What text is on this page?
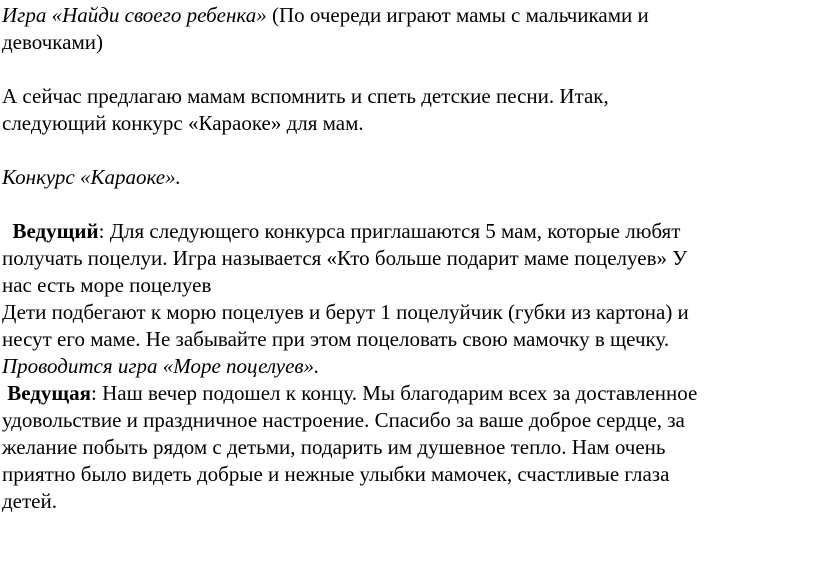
Игра «Найди своего ребенка» (По очереди играют мамы с мальчиками и
девочками)
А сейчас предлагаю мамам вспомнить и спеть детские песни. Итак,
следующий конкурс «Караоке» для мам.
Конкурс «Караоке».
Ведущий: Для следующего конкурса приглашаются 5 мам, которые любят
получать поцелуи. Игра называется «Кто больше подарит маме поцелуев» У
нас есть море поцелуев
Дети подбегают к морю поцелуев и берут 1 поцелуйчик (губки из картона) и
несут его маме. Не забывайте при этом поцеловать свою мамочку в щечку.
Проводится игра «Море поцелуев».
Ведущая: Наш вечер подошел к концу. Мы благодарим всех за доставленное
удовольствие и праздничное настроение. Спасибо за ваше доброе сердце, за
желание побыть рядом с детьми, подарить им душевное тепло. Нам очень
приятно было видеть добрые и нежные улыбки мамочек, счастливые глаза
детей.
